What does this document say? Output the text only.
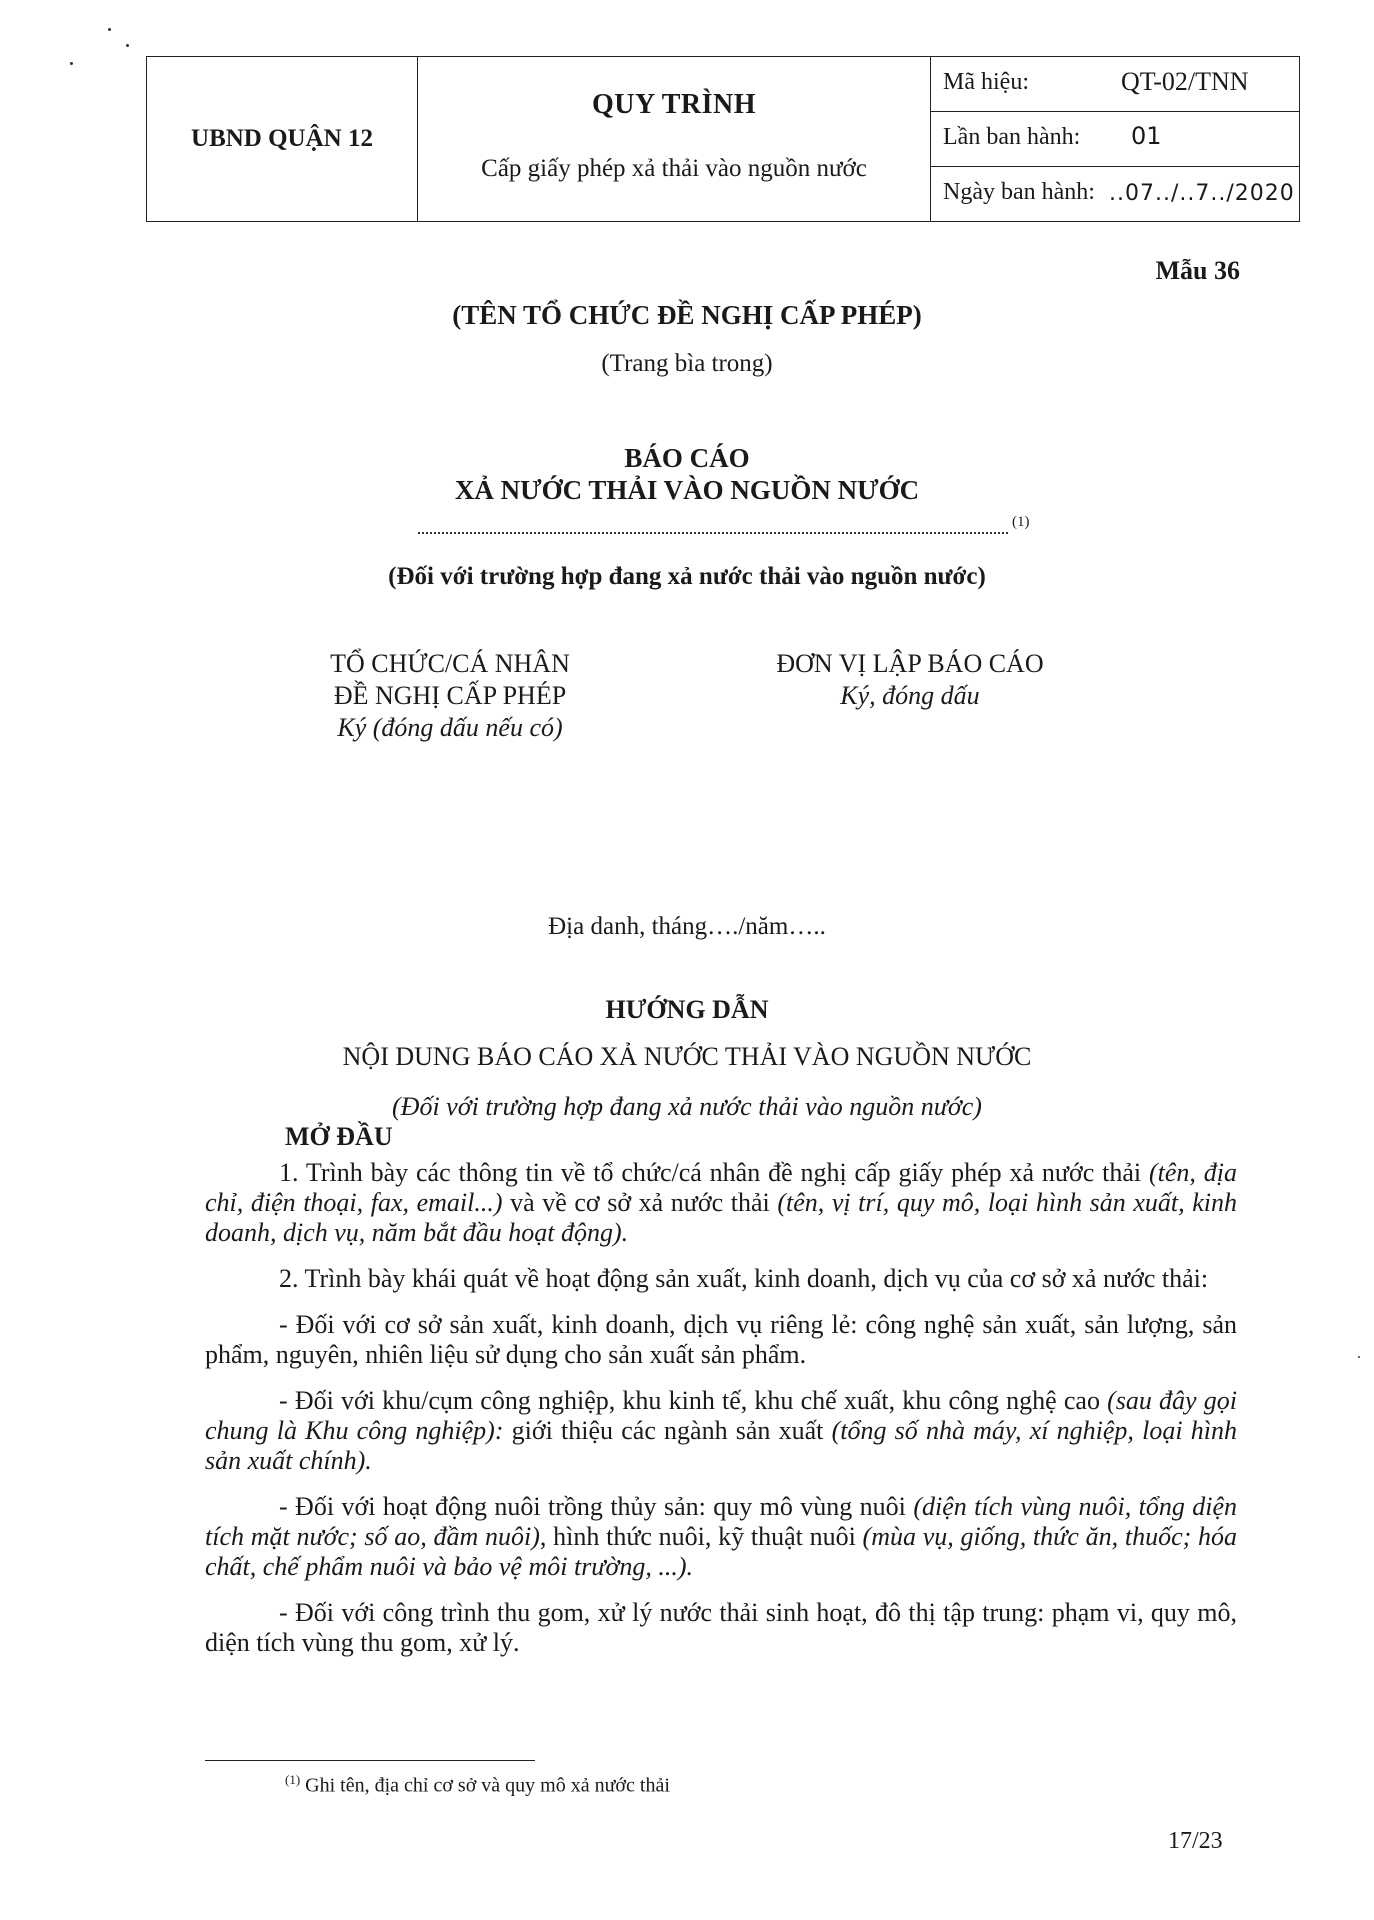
UBND QUẬN 12	
QUY TRÌNH
Cấp giấy phép xả thải vào nguồn nước

Mã hiệu:	QT-02/TNN

Lần ban hành: 01

Ngày ban hành: ..07../..7../2020
Mẫu 36
(TÊN TỔ CHỨC ĐỀ NGHỊ CẤP PHÉP)
(Trang bìa trong)
BÁO CÁO
XẢ NƯỚC THẢI VÀO NGUỒN NƯỚC
(1)
(Đối với trường hợp đang xả nước thải vào nguồn nước)
TỔ CHỨC/CÁ NHÂN
ĐỀ NGHỊ CẤP PHÉP
Ký (đóng dấu nếu có)
ĐƠN VỊ LẬP BÁO CÁO
Ký, đóng dấu
Địa danh, tháng…./năm…..
HƯỚNG DẪN
NỘI DUNG BÁO CÁO XẢ NƯỚC THẢI VÀO NGUỒN NƯỚC
(Đối với trường hợp đang xả nước thải vào nguồn nước)
MỞ ĐẦU

1. Trình bày các thông tin về tổ chức/cá nhân đề nghị cấp giấy phép xả nước thải (tên, địa chỉ, điện thoại, fax, email...) và về cơ sở xả nước thải (tên, vị trí, quy mô, loại hình sản xuất, kinh doanh, dịch vụ, năm bắt đầu hoạt động).

2. Trình bày khái quát về hoạt động sản xuất, kinh doanh, dịch vụ của cơ sở xả nước thải:

- Đối với cơ sở sản xuất, kinh doanh, dịch vụ riêng lẻ: công nghệ sản xuất, sản lượng, sản phẩm, nguyên, nhiên liệu sử dụng cho sản xuất sản phẩm.

- Đối với khu/cụm công nghiệp, khu kinh tế, khu chế xuất, khu công nghệ cao (sau đây gọi chung là Khu công nghiệp): giới thiệu các ngành sản xuất (tổng số nhà máy, xí nghiệp, loại hình sản xuất chính).

- Đối với hoạt động nuôi trồng thủy sản: quy mô vùng nuôi (diện tích vùng nuôi, tổng diện tích mặt nước; số ao, đầm nuôi), hình thức nuôi, kỹ thuật nuôi (mùa vụ, giống, thức ăn, thuốc; hóa chất, chế phẩm nuôi và bảo vệ môi trường, ...).

- Đối với công trình thu gom, xử lý nước thải sinh hoạt, đô thị tập trung: phạm vi, quy mô, diện tích vùng thu gom, xử lý.

$^{(1)}$ Ghi tên, địa chỉ cơ sở và quy mô xả nước thải
17/23
